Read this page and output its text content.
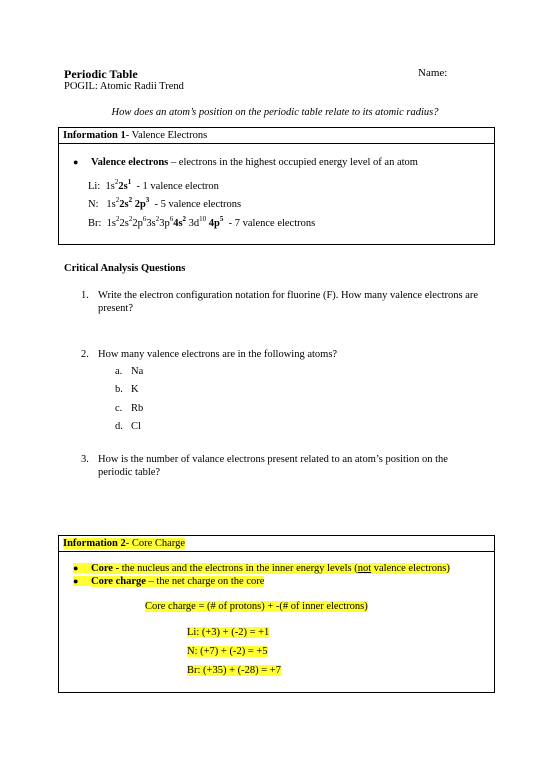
Periodic Table	Name:
POGIL: Atomic Radii Trend
How does an atom’s position on the periodic table relate to its atomic radius?
Information 1- Valence Electrons
● Valence electrons – electrons in the highest occupied energy level of an atom
Li:  $1s^22s^1 - 1$ valence electron
N:   $1s^22s^2$ $2p^3 - 5$ valence electrons
Br:  $1s^22s^22p^63s^23p^64s^2$ $3d^{10}$ $4p^5 - 7$ valence electrons
Critical Analysis Questions
1. Write the electron configuration notation for fluorine (F). How many valence electrons are present?
2. How many valence electrons are in the following atoms?
a. Na
b. K
c. Rb
d. Cl
3. How is the number of valance electrons present related to an atom’s position on the periodic table?
Information 2- Core Charge
● Core - the nucleus and the electrons in the inner energy levels (not valence electrons)
● Core charge – the net charge on the core
Core charge = (# of protons) + -(# of inner electrons)
Li: (+3) + (-2) = +1
N: (+7) + (-2) = +5
Br: (+35) + (-28) = +7
